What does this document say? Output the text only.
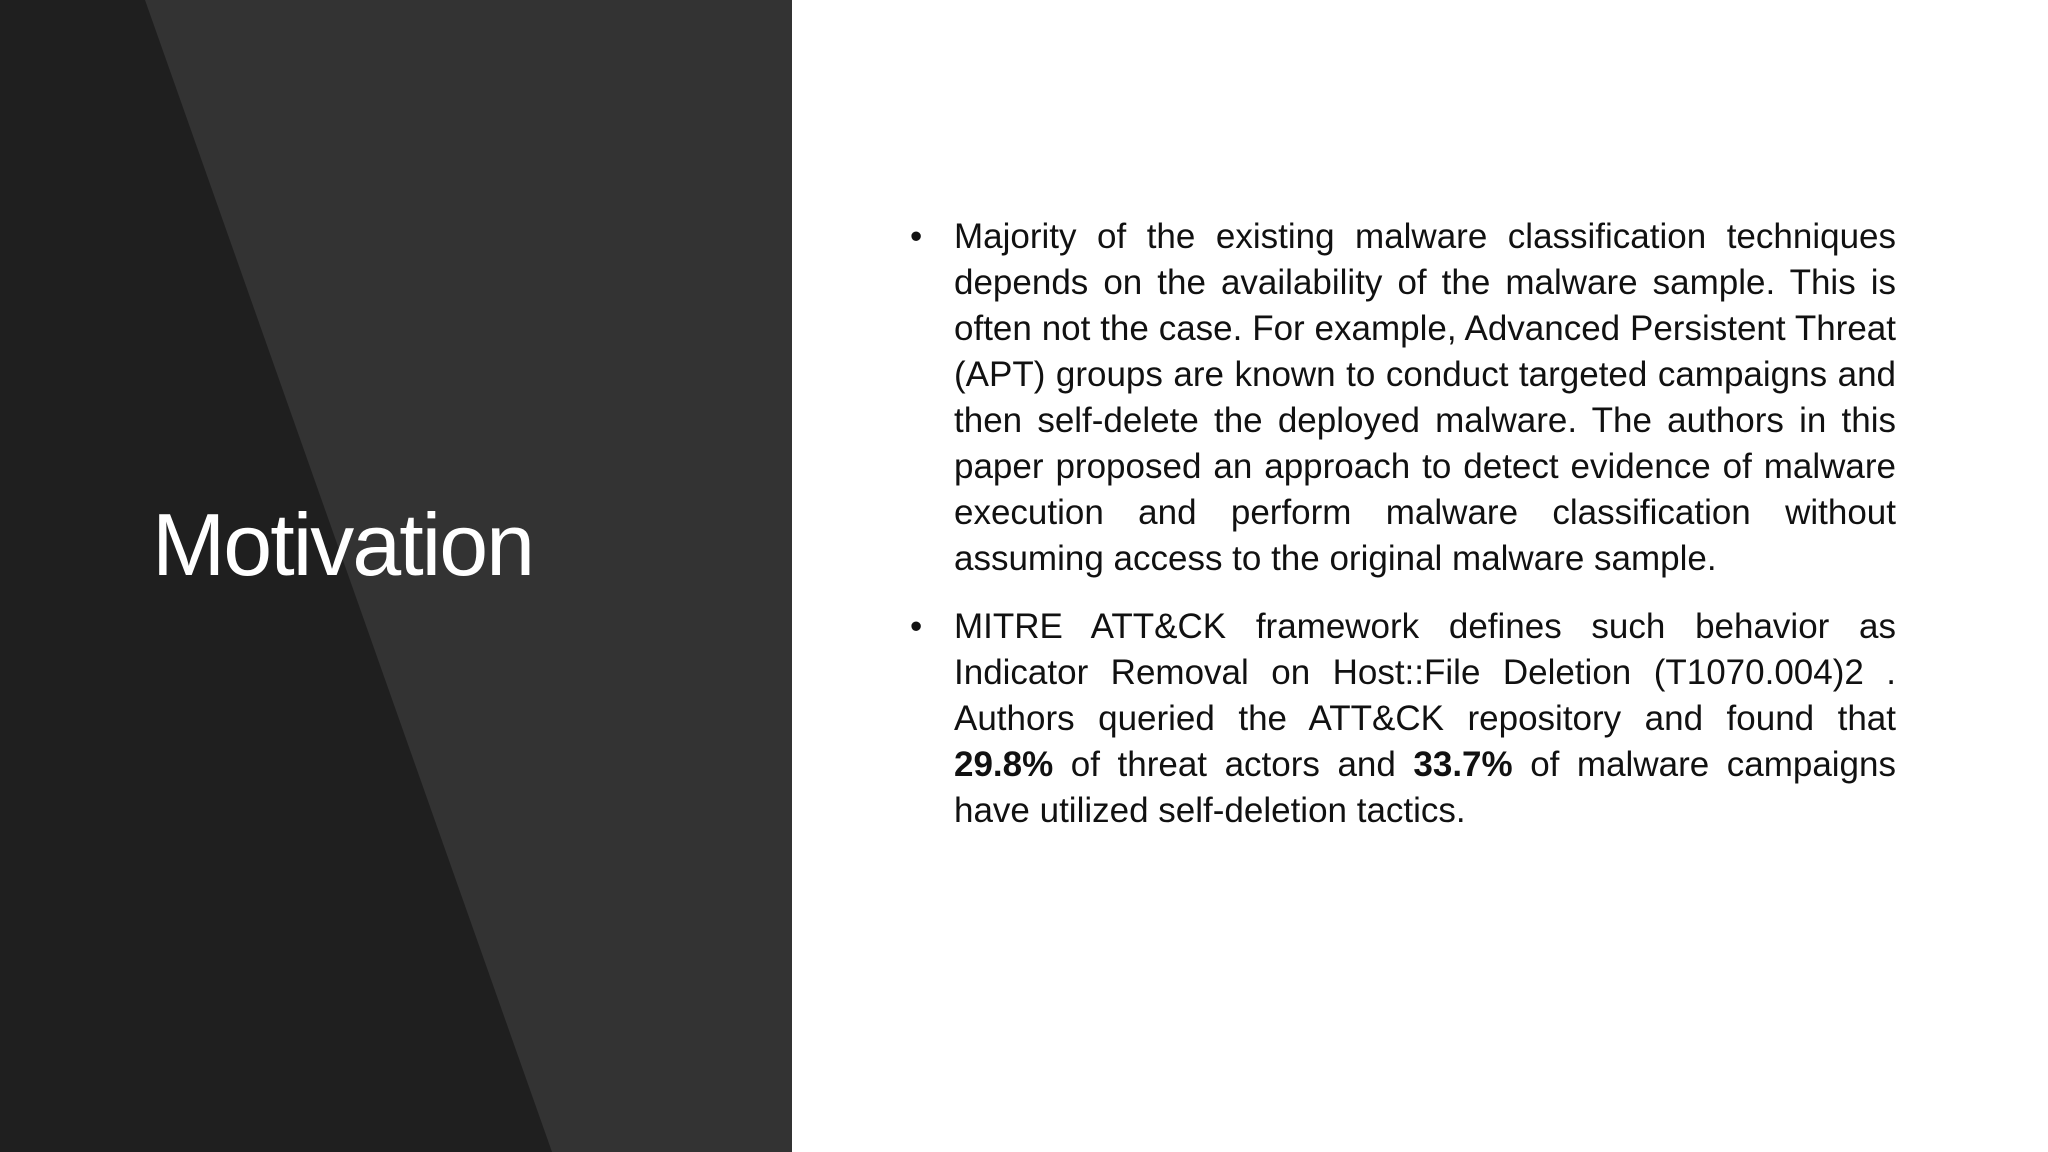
Motivation
• Majority of the existing malware classification techniques depends on the availability of the malware sample. This is often not the case. For example, Advanced Persistent Threat (APT) groups are known to conduct targeted campaigns and then self-delete the deployed malware. The authors in this paper proposed an approach to detect evidence of malware execution and perform malware classification without assuming access to the original malware sample.
• MITRE ATT&CK framework defines such behavior as Indicator Removal on Host::File Deletion (T1070.004)2 . Authors queried the ATT&CK repository and found that 29.8% of threat actors and 33.7% of malware campaigns have utilized self-deletion tactics.
